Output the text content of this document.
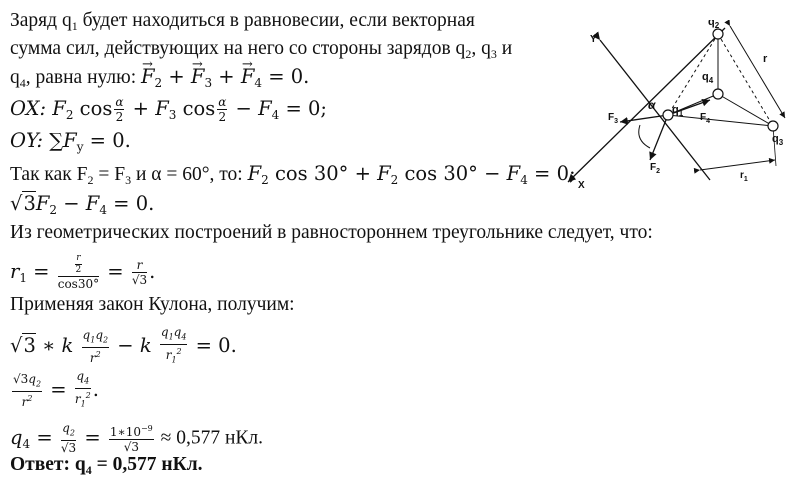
Заряд $q_1$ будет находиться в равновесии, если векторная
сумма сил, действующих на него со стороны зарядов $q_2$, $q_3$ и
$q_4$, равна нулю: → $F_2$ + → $F_3$ + → $F_4 = 0$.
OX: $F_2$ $\cos \frac{\alpha}{2} + F_3$ $\cos \frac{\alpha}{2} - F_4 = 0$;
OY: $\sum F_y = 0$.
Так как $F_2 = F_3$ и α = 60°, то: $F_2$ $\cos 30^\circ + F_2$ $\cos 30^\circ - F_4 = 0$;
$√3F_2 - F_4 = 0$.
Из геометрических построений в равностороннем треугольнике следует, что:
$r_1 = \frac{\frac{r}{2}}{\cos 30^\circ} = \frac{r}{√3}$ .
Применяя закон Кулона, получим:
√3 ∗ k $\frac{q_1q_2}{r^2} - k \frac{q_1q_4}{r_1^2} = 0$.
$\frac{√3q_2}{r^2} = \frac{q_4}{r_1^2}$ .
$q_4 = \frac{q_2}{√3} = \frac{1∗10^{-9}}{√3} \approx 0,577$ нКл.
Ответ: $q_4 = 0,577$ нКл.
$q_2$
$q_4$
$q_1$
$q_3$
r
$r_1$
Y
X
α
$F_3$
$F_2$
$F_4$
